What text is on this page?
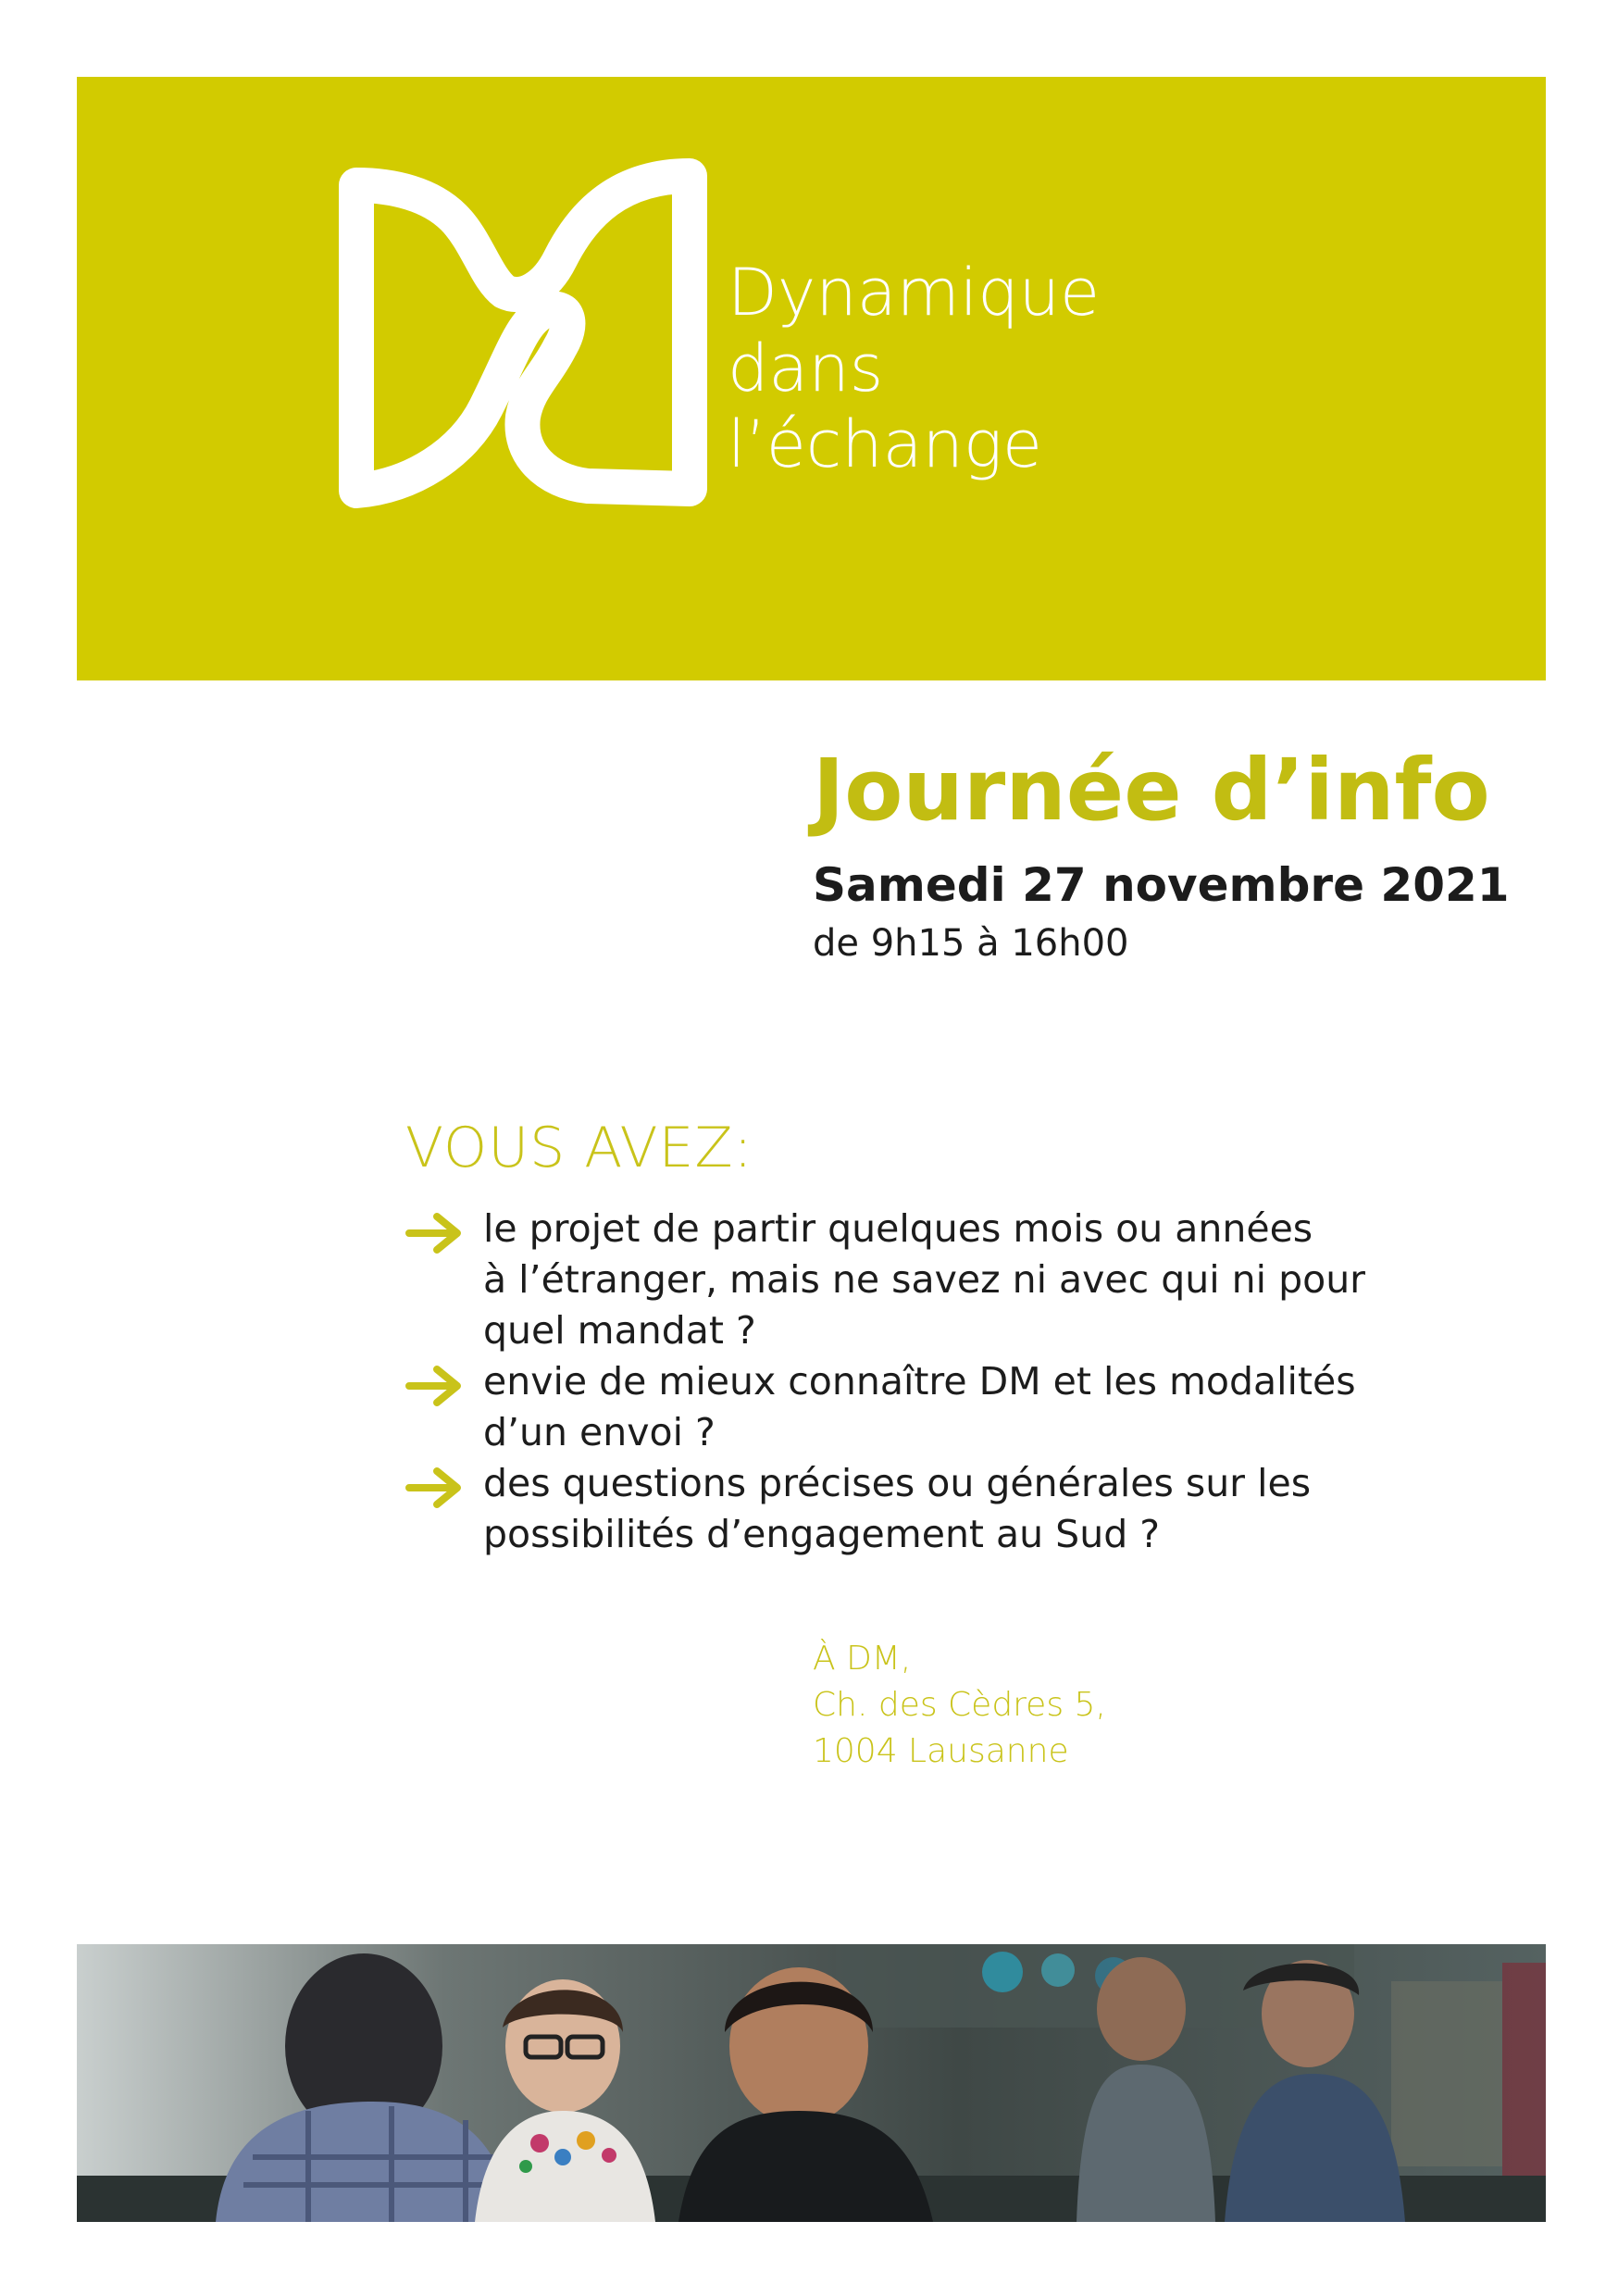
Dynamique
dans
l’échange
Journée d’info
Samedi 27 novembre 2021
de 9h15 à 16h00
VOUS AVEZ:
le projet de partir quelques mois ou années
à l’étranger, mais ne savez ni avec qui ni pour
quel mandat ?
envie de mieux connaître DM et les modalités
d’un envoi ?
des questions précises ou générales sur les
possibilités d’engagement au Sud ?
À DM,
Ch. des Cèdres 5,
1004 Lausanne
